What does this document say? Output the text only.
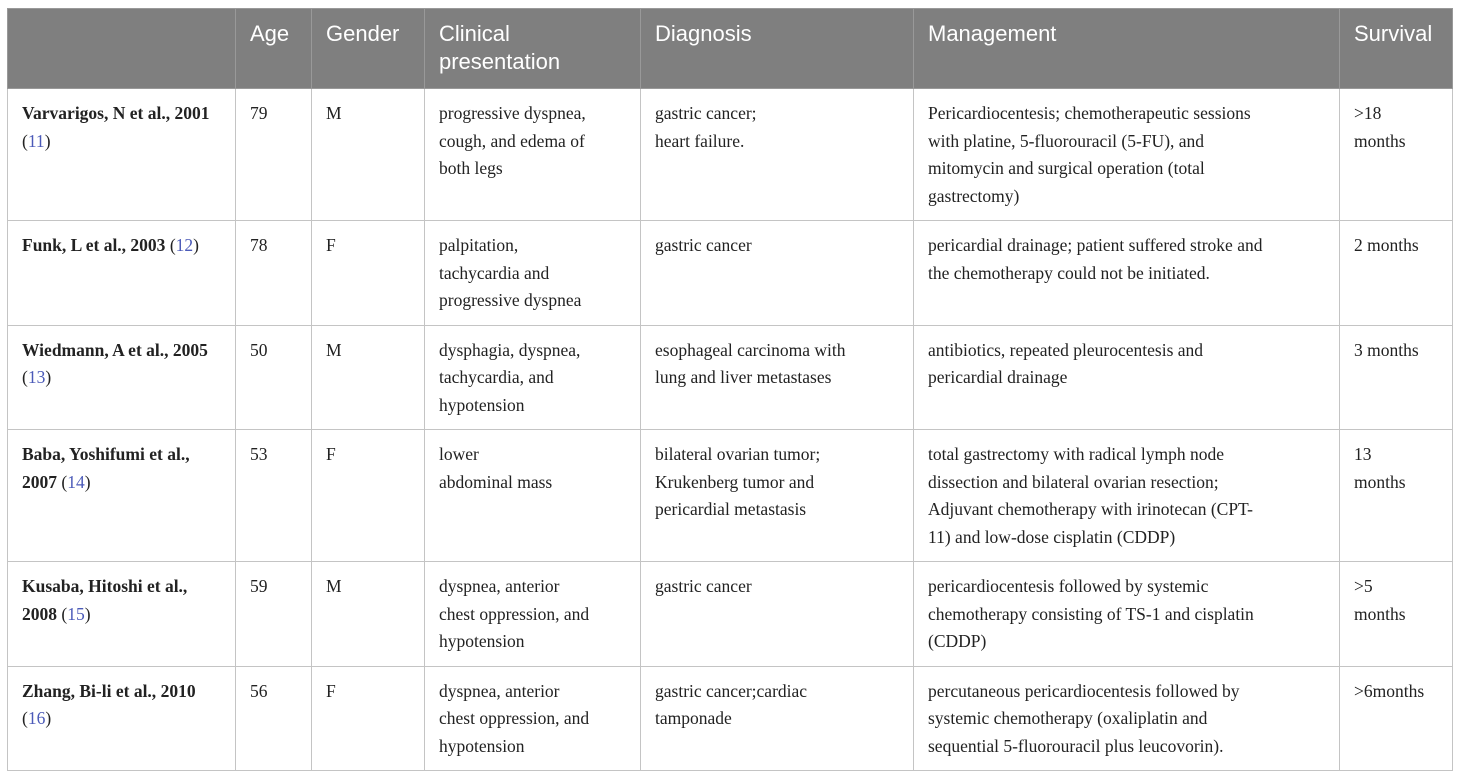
	Age	Gender	Clinical presentation	Diagnosis	Management	Survival
Varvarigos, N et al., 2001 (11)	79	M	progressive dyspnea,
cough, and edema of
both legs	gastric cancer;
heart failure.	Pericardiocentesis; chemotherapeutic sessions
with platine, 5-fluorouracil (5-FU), and
mitomycin and surgical operation (total
gastrectomy)	>18
months

Funk, L et al., 2003 (12)	78	F	palpitation,
tachycardia and
progressive dyspnea	gastric cancer	pericardial drainage; patient suffered stroke and
the chemotherapy could not be initiated.	2 months

Wiedmann, A et al., 2005 (13)	50	M	dysphagia, dyspnea,
tachycardia, and
hypotension	esophageal carcinoma with
lung and liver metastases	antibiotics, repeated pleurocentesis and
pericardial drainage	3 months

Baba, Yoshifumi et al., 2007 (14)	53	F	lower
abdominal mass	bilateral ovarian tumor;
Krukenberg tumor and
pericardial metastasis	total gastrectomy with radical lymph node
dissection and bilateral ovarian resection;
Adjuvant chemotherapy with irinotecan (CPT-
11) and low-dose cisplatin (CDDP)	13
months

Kusaba, Hitoshi et al., 2008 (15)	59	M	dyspnea, anterior
chest oppression, and
hypotension	gastric cancer	pericardiocentesis followed by systemic
chemotherapy consisting of TS-1 and cisplatin
(CDDP)	>5
months

Zhang, Bi-li et al., 2010 (16)	56	F	dyspnea, anterior
chest oppression, and
hypotension	gastric cancer;cardiac
tamponade	percutaneous pericardiocentesis followed by
systemic chemotherapy (oxaliplatin and
sequential 5-fluorouracil plus leucovorin).	>6months
